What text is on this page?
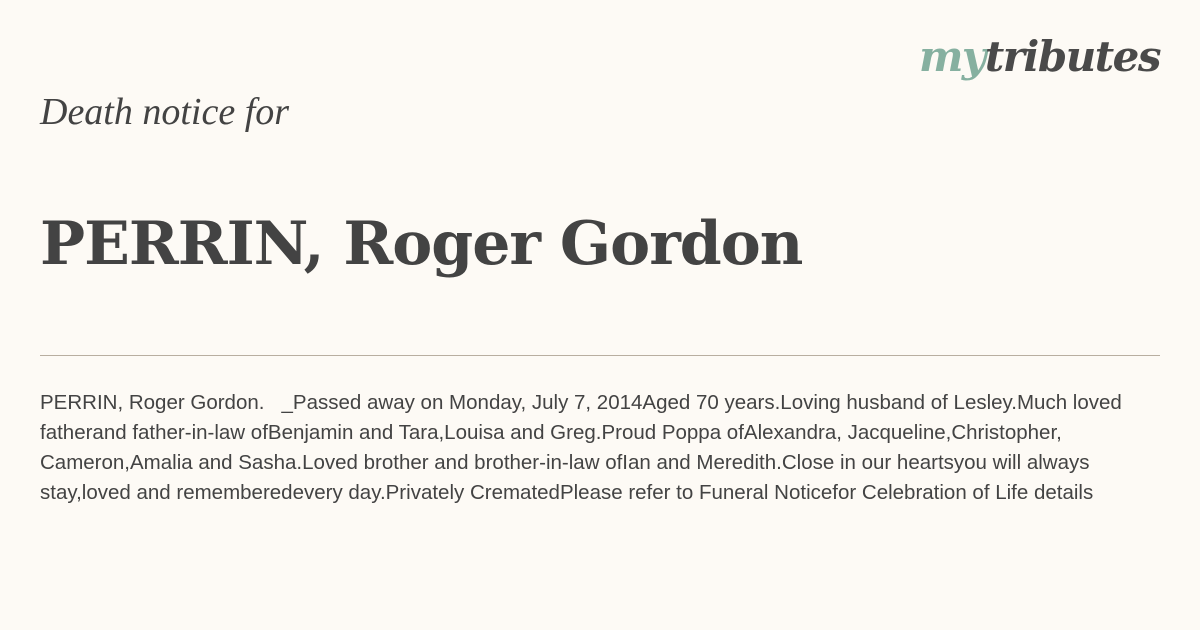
mytributes
Death notice for
PERRIN, Roger Gordon
PERRIN, Roger Gordon.   _Passed away on Monday, July 7, 2014Aged 70 years.Loving husband of Lesley.Much loved fatherand father-in-law ofBenjamin and Tara,Louisa and Greg.Proud Poppa ofAlexandra, Jacqueline,Christopher, Cameron,Amalia and Sasha.Loved brother and brother-in-law ofIan and Meredith.Close in our heartsyou will always stay,loved and rememberedevery day.Privately CrematedPlease refer to Funeral Noticefor Celebration of Life details
